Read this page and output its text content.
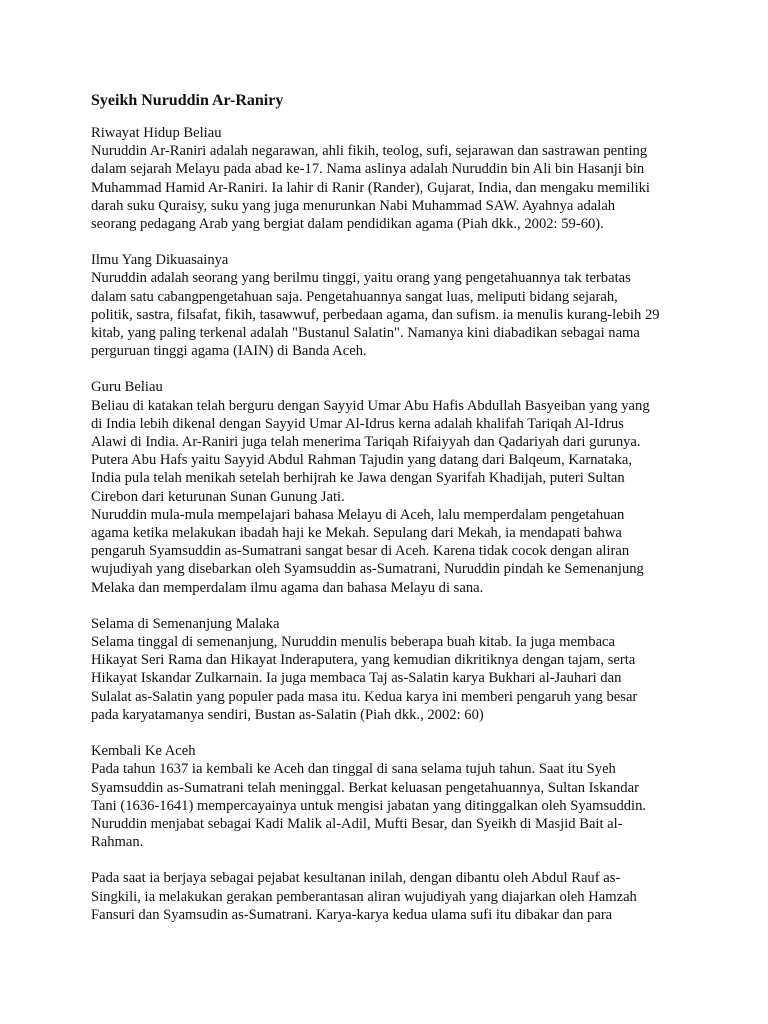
Syeikh Nuruddin Ar-Raniry
Riwayat Hidup Beliau
Nuruddin Ar-Raniri adalah negarawan, ahli fikih, teolog, sufi, sejarawan dan sastrawan penting
dalam sejarah Melayu pada abad ke-17. Nama aslinya adalah Nuruddin bin Ali bin Hasanji bin
Muhammad Hamid Ar-Raniri. Ia lahir di Ranir (Rander), Gujarat, India, dan mengaku memiliki
darah suku Quraisy, suku yang juga menurunkan Nabi Muhammad SAW. Ayahnya adalah
seorang pedagang Arab yang bergiat dalam pendidikan agama (Piah dkk., 2002: 59-60).
Ilmu Yang Dikuasainya
Nuruddin adalah seorang yang berilmu tinggi, yaitu orang yang pengetahuannya tak terbatas
dalam satu cabangpengetahuan saja. Pengetahuannya sangat luas, meliputi bidang sejarah,
politik, sastra, filsafat, fikih, tasawwuf, perbedaan agama, dan sufism. ia menulis kurang-lebih 29
kitab, yang paling terkenal adalah "Bustanul Salatin". Namanya kini diabadikan sebagai nama
perguruan tinggi agama (IAIN) di Banda Aceh.
Guru Beliau
Beliau di katakan telah berguru dengan Sayyid Umar Abu Hafis Abdullah Basyeiban yang yang
di India lebih dikenal dengan Sayyid Umar Al-Idrus kerna adalah khalifah Tariqah Al-Idrus
Alawi di India. Ar-Raniri juga telah menerima Tariqah Rifaiyyah dan Qadariyah dari gurunya.
Putera Abu Hafs yaitu Sayyid Abdul Rahman Tajudin yang datang dari Balqeum, Karnataka,
India pula telah menikah setelah berhijrah ke Jawa dengan Syarifah Khadijah, puteri Sultan
Cirebon dari keturunan Sunan Gunung Jati.
Nuruddin mula-mula mempelajari bahasa Melayu di Aceh, lalu memperdalam pengetahuan
agama ketika melakukan ibadah haji ke Mekah. Sepulang dari Mekah, ia mendapati bahwa
pengaruh Syamsuddin as-Sumatrani sangat besar di Aceh. Karena tidak cocok dengan aliran
wujudiyah yang disebarkan oleh Syamsuddin as-Sumatrani, Nuruddin pindah ke Semenanjung
Melaka dan memperdalam ilmu agama dan bahasa Melayu di sana.
Selama di Semenanjung Malaka
Selama tinggal di semenanjung, Nuruddin menulis beberapa buah kitab. Ia juga membaca
Hikayat Seri Rama dan Hikayat Inderaputera, yang kemudian dikritiknya dengan tajam, serta
Hikayat Iskandar Zulkarnain. Ia juga membaca Taj as-Salatin karya Bukhari al-Jauhari dan
Sulalat as-Salatin yang populer pada masa itu. Kedua karya ini memberi pengaruh yang besar
pada karyatamanya sendiri, Bustan as-Salatin (Piah dkk., 2002: 60)
Kembali Ke Aceh
Pada tahun 1637 ia kembali ke Aceh dan tinggal di sana selama tujuh tahun. Saat itu Syeh
Syamsuddin as-Sumatrani telah meninggal. Berkat keluasan pengetahuannya, Sultan Iskandar
Tani (1636-1641) mempercayainya untuk mengisi jabatan yang ditinggalkan oleh Syamsuddin.
Nuruddin menjabat sebagai Kadi Malik al-Adil, Mufti Besar, dan Syeikh di Masjid Bait al-
Rahman.
Pada saat ia berjaya sebagai pejabat kesultanan inilah, dengan dibantu oleh Abdul Rauf as-
Singkili, ia melakukan gerakan pemberantasan aliran wujudiyah yang diajarkan oleh Hamzah
Fansuri dan Syamsudin as-Sumatrani. Karya-karya kedua ulama sufi itu dibakar dan para
